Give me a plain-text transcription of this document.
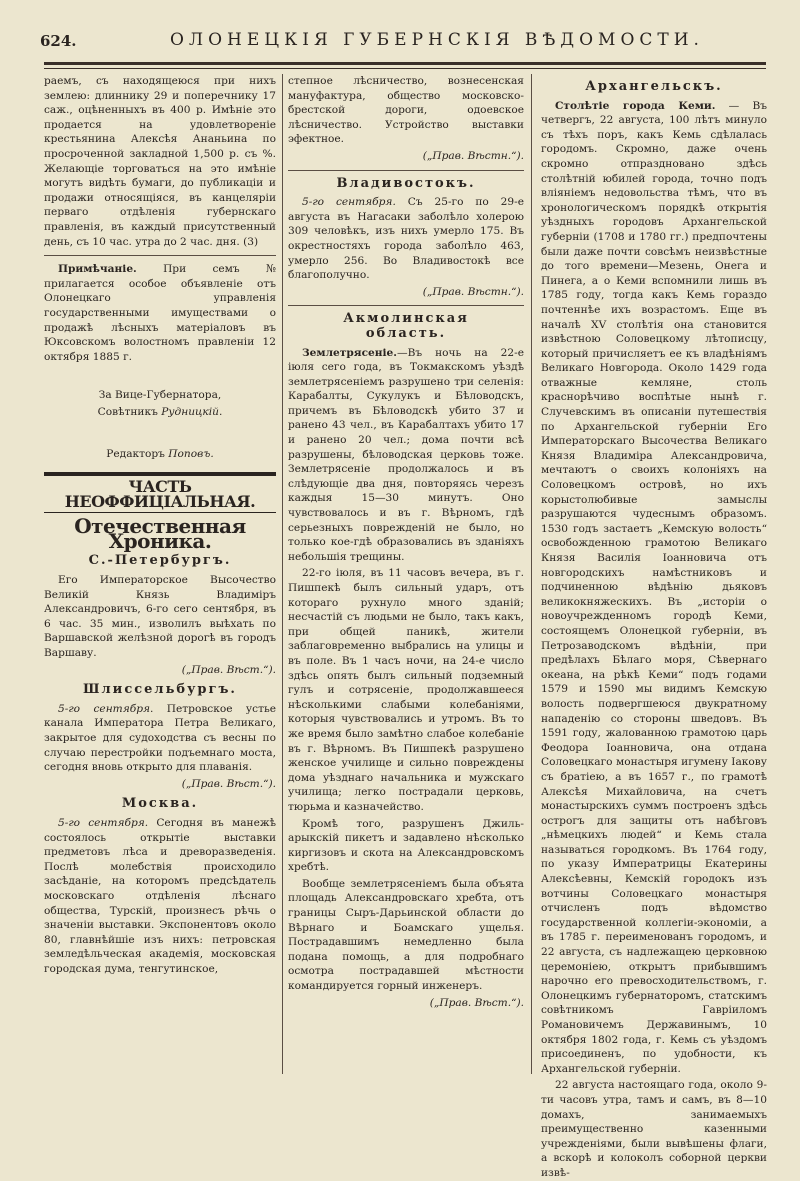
624.	ОЛОНЕЦКІЯ ГУБЕРНСКІЯ ВѢДОМОСТИ.

раемъ, съ находящеюся при нихъ землею: длиннику 29 и поперечнику 17 саж., оцѣненныхъ въ 400 р. Имѣніе это продается на удовлетвореніе крестьянина Алексѣя Ананьина по просроченной закладной 1,500 р. съ %. Желающіе торговаться на это имѣніе могутъ видѣть бумаги, до публикаціи и продажи относящіяся, въ канцеляріи перваго отдѣленія губернскаго правленія, въ каждый присутственный день, съ 10 час. утра до 2 час. дня. (3)

Примѣчаніе. При семъ № прилагается особое объявленіе отъ Олонецкаго управленія государственными имуществами о продажѣ лѣсныхъ матеріаловъ въ Юксовскомъ волостномъ правленіи 12 октября 1885 г.

За Вице-Губернатора,

Совѣтникъ Рудницкій.

Редакторъ Поповъ.

ЧАСТЬ НЕОФФИЦІАЛЬНАЯ.
Отечественная Хроника.
С.-Петербургъ.

Его Императорское Высочество Великій Князь Владиміръ Александровичъ, 6-го сего сентября, въ 6 час. 35 мин., изволилъ выѣхать по Варшавской желѣзной дорогѣ въ городъ Варшаву.

(„Прав. Вѣст.“).

Шлиссельбургъ.

5-го сентября. Петровское устье канала Императора Петра Великаго, закрытое для судоходства съ весны по случаю перестройки подъемнаго моста, сегодня вновь открыто для плаванія.

(„Прав. Вѣст.“).

Москва.

5-го сентября. Сегодня въ манежѣ состоялось открытіе выставки предметовъ лѣса и древоразведенія. Послѣ молебствія происходило засѣданіе, на которомъ предсѣдатель московскаго отдѣленія лѣснаго общества, Турскій, произнесъ рѣчь о значеніи выставки. Экспонентовъ около 80, главнѣйшіе изъ нихъ: петровская земледѣльческая академія, московская городская дума, тенгутинское,

степное лѣсничество, вознесенская мануфактура, общество московско-брестской дороги, одоевское лѣсничество. Устройство выставки эфектное.

(„Прав. Вѣстн.“).

Владивостокъ.

5-го сентября. Съ 25-го по 29-е августа въ Нагасаки заболѣло холерою 309 человѣкъ, изъ нихъ умерло 175. Въ окрестностяхъ города заболѣло 463, умерло 256. Во Владивостокѣ все благополучно.

(„Прав. Вѣстн.“).

Акмолинская
область.

Землетрясеніе.—Въ ночь на 22-е іюля сего года, въ Токмакскомъ уѣздѣ землетрясеніемъ разрушено три селенія: Карабалты, Сукулукъ и Бѣловодскъ, причемъ въ Бѣловодскѣ убито 37 и ранено 43 чел., въ Карабалтахъ убито 17 и ранено 20 чел.; дома почти всѣ разрушены, бѣловодская церковь тоже. Землетрясеніе продолжалось и въ слѣдующіе два дня, повторяясь черезъ каждыя 15—30 минутъ. Оно чувствовалось и въ г. Вѣрномъ, гдѣ серьезныхъ поврежденій не было, но только кое-гдѣ образовались въ зданіяхъ небольшія трещины.

22-го іюля, въ 11 часовъ вечера, въ г. Пишпекѣ былъ сильный ударъ, отъ котораго рухнуло много зданій; несчастій съ людьми не было, такъ какъ, при общей паникѣ, жители заблаговременно выбрались на улицы и въ поле. Въ 1 часъ ночи, на 24-е число здѣсь опять былъ сильный подземный гулъ и сотрясеніе, продолжавшееся нѣсколькими слабыми колебаніями, которыя чувствовались и утромъ. Въ то же время было замѣтно слабое колебаніе въ г. Вѣрномъ. Въ Пишпекѣ разрушено женское училище и сильно повреждены дома уѣзднаго начальника и мужскаго училища; легко пострадали церковь, тюрьма и казначейство.

Кромѣ того, разрушенъ Джиль-арыкскій пикетъ и задавлено нѣсколько киргизовъ и скота на Александровскомъ хребтѣ.

Вообще землетрясеніемъ была объята площадь Александровскаго хребта, отъ границы Сыръ-Дарьинской области до Вѣрнаго и Боамскаго ущелья. Пострадавшимъ немедленно была подана помощь, а для подробнаго осмотра пострадавшей мѣстности командируется горный инженеръ.

(„Прав. Вѣст.“).

Архангельскъ.

Столѣтіе города Кеми. — Въ четвергъ, 22 августа, 100 лѣтъ минуло съ тѣхъ поръ, какъ Кемь сдѣлалась городомъ. Скромно, даже очень скромно отпраздновано здѣсь столѣтній юбилей города, точно подъ вліяніемъ недовольства тѣмъ, что въ хронологическомъ порядкѣ открытія уѣздныхъ городовъ Архангельской губерніи (1708 и 1780 гг.) предпочтены были даже почти совсѣмъ неизвѣстные до того времени—Мезень, Онега и Пинега, а о Кеми вспомнили лишь въ 1785 году, тогда какъ Кемь гораздо почтеннѣе ихъ возрастомъ. Еще въ началѣ XV столѣтія она становится извѣстною Соловецкому лѣтописцу, который причисляетъ ее къ владѣніямъ Великаго Новгорода. Около 1429 года отважные кемляне, столь краснорѣчиво воспѣтые нынѣ г. Случевскимъ въ описаніи путешествія по Архангельской губерніи Его Императорскаго Высочества Великаго Князя Владиміра Александровича, мечтаютъ о своихъ колоніяхъ на Соловецкомъ островѣ, но ихъ корыстолюбивые замыслы разрушаются чудеснымъ образомъ. 1530 годъ застаетъ „Кемскую волость“ освобожденною грамотою Великаго Князя Василія Іоанновича отъ новгородскихъ намѣстниковъ и подчиненною вѣдѣнію дьяковъ великокняжескихъ. Въ „исторіи о новоучрежденномъ городѣ Кеми, состоящемъ Олонецкой губерніи, въ Петрозаводскомъ вѣдѣніи, при предѣлахъ Бѣлаго моря, Сѣвернаго океана, на рѣкѣ Кеми“ подъ годами 1579 и 1590 мы видимъ Кемскую волость подвергшеюся двукратному нападенію со стороны шведовъ. Въ 1591 году, жалованною грамотою царь Феодора Іоанновича, она отдана Соловецкаго монастыря игумену Іакову съ братіею, а въ 1657 г., по грамотѣ Алексѣя Михайловича, на счетъ монастырскихъ суммъ построенъ здѣсь острогъ для защиты отъ набѣговъ „нѣмецкихъ людей“ и Кемь стала называться городкомъ. Въ 1764 году, по указу Императрицы Екатерины Алексѣевны, Кемскій городокъ изъ вотчины Соловецкаго монастыря отчисленъ подъ вѣдомство государственной коллегіи-экономіи, а въ 1785 г. переименованъ городомъ, и 22 августа, съ надлежащею церковною церемоніею, открытъ прибывшимъ нарочно его превосходительствомъ, г. Олонецкимъ губернаторомъ, статскимъ совѣтникомъ Гавріиломъ Романовичемъ Державинымъ, 10 октября 1802 года, г. Кемь съ уѣздомъ присоединенъ, по удобности, къ Архангельской губерніи.

22 августа настоящаго года, около 9-ти часовъ утра, тамъ и самъ, въ 8—10 домахъ, занимаемыхъ преимущественно казенными учрежденіями, были вывѣшены флаги, а вскорѣ и колоколъ соборной церкви извѣ-
